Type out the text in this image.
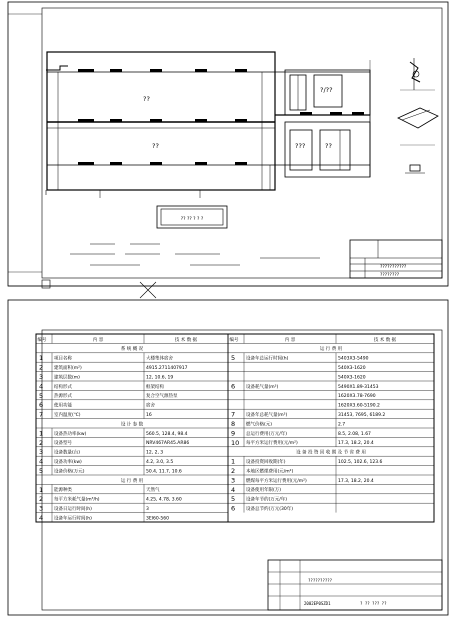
??
??
?/??
???	??
?? ?? ? ? ?
???????????
????????
编号	内 容	技 术 数 据
系 统 概 况
1 项目名称	大楼集体宿舍
2 建筑面积(m²)	4915.2711407917
3 建筑层数(m)	12, 10.6, 19
4 结构形式	框架结构
5 热源形式	复合空气源热泵
6 使用功能	宿舍
7 室内温度(℃)	16
设 计 参 数
1 设备热功率(kw)	560.5, 128.4, 98.4
2 设备型号	NRV467AR45.AR86
3 设备数量(台)	12, 2, 3
4 设备功率(kw)	4.2, 3.0, 3.5
5 设备价格(万元)	50.4, 11.7, 10.6
运 行 费 用
1 能源种类	天然气
2 每平方米耗气量(m³/h)	4.25, 4.78, 3.60
3 设备日运行时间(h)	3
4 设备年运行时间(h)	3EI60-560
编号	内 容	技 术 数 据
运 行 费 用
5 设备年总运行时间(h)	5403X3-5490
540X3-1620
540X3-1620
6 设备耗气量(m³)	5490X1.89-31453
1620X3.78-7690
1620X3.60-5190.2
7 设备年总耗气量(m³)	31453, 7695, 6189.2
8 燃气价格(元)	2.7
9 总运行费用(万元/年)	8.5, 2.08, 1.67
10 每平方米运行费用(元/m²)	17.3, 18.2, 20.4
设 备 投 资 回 收 期 及 节 省 费 用
1 设备投资回收期(年)	102.5, 102.6, 123.6
2 本地区燃煤费用(元/m²)
3 燃煤每平方米运行费用(元/m²)	17.3, 18.2, 20.4
4 设备使用年限(万)
5 设备年节约(万元/年)
6 设备总节约(万元(30年)
??????????
2002EP0SZD1	? ?? ??? ??
